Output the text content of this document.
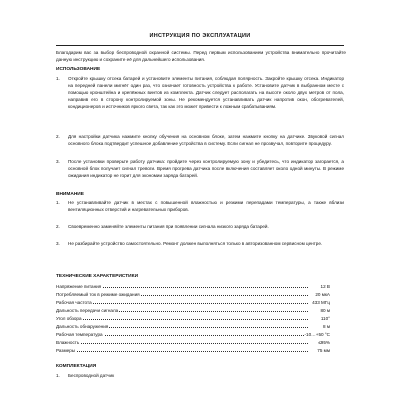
ИНСТРУКЦИЯ ПО ЭКСПЛУАТАЦИИ
Благодарим вас за выбор беспроводной охранной системы. Перед первым использованием устройства внимательно прочитайте данную инструкцию и сохраните её для дальнейшего использования.
ИСПОЛЬЗОВАНИЕ
1.	Откройте крышку отсека батарей и установите элементы питания, соблюдая полярность. Закройте крышку отсека. Индикатор на передней панели мигнёт один раз, что означает готовность устройства к работе. Установите датчик в выбранном месте с помощью кронштейна и крепёжных винтов из комплекта. Датчик следует располагать на высоте около двух метров от пола, направив его в сторону контролируемой зоны. Не рекомендуется устанавливать датчик напротив окон, обогревателей, кондиционеров и источников яркого света, так как это может привести к ложным срабатываниям.
2.	Для настройки датчика нажмите кнопку обучения на основном блоке, затем нажмите кнопку на датчике. Звуковой сигнал основного блока подтвердит успешное добавление устройства в систему. Если сигнал не прозвучал, повторите процедуру.
3.	После установки проверьте работу датчика: пройдите через контролируемую зону и убедитесь, что индикатор загорается, а основной блок получает сигнал тревоги. Время прогрева датчика после включения составляет около одной минуты. В режиме ожидания индикатор не горит для экономии заряда батарей.
ВНИМАНИЕ
1.	Не устанавливайте датчик в местах с повышенной влажностью и резкими перепадами температуры, а также вблизи вентиляционных отверстий и нагревательных приборов.
2.	Своевременно заменяйте элементы питания при появлении сигнала низкого заряда батарей.
3.	Не разбирайте устройство самостоятельно. Ремонт должен выполняться только в авторизованном сервисном центре.
ТЕХНИЧЕСКИЕ ХАРАКТЕРИСТИКИ
Напряжение питания	12 В
Потребляемый ток в режиме ожидания	20 мкА
Рабочая частота	433 МГц
Дальность передачи сигнала	80 м
Угол обзора	110°
Дальность обнаружения	8 м
Рабочая температура	-10…+50 °С
Влажность	≤95%
Размеры	75 мм
КОМПЛЕКТАЦИЯ
1.	Беспроводной датчик
